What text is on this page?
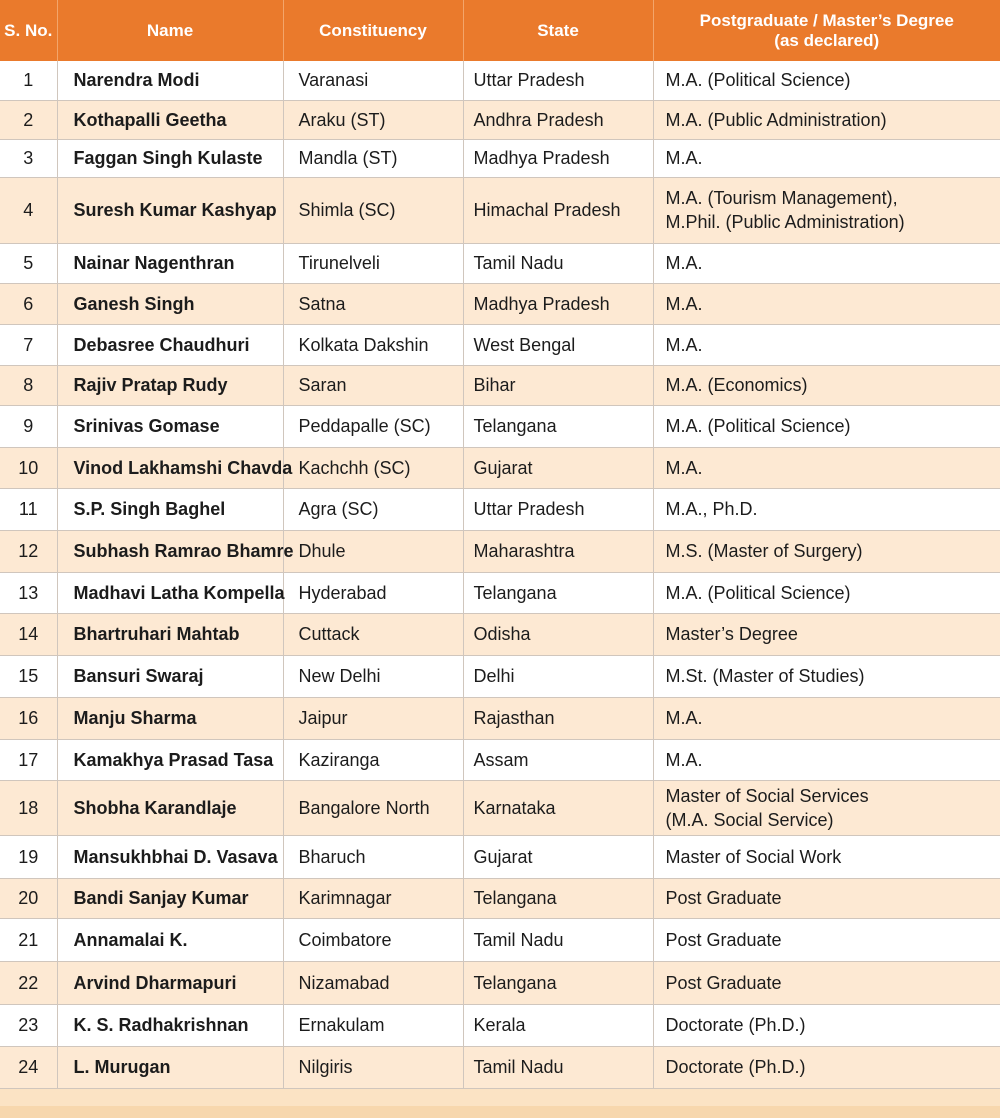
S. No.	Name	Constituency	State	Postgraduate / Master’s Degree
(as declared)

1	Narendra Modi	Varanasi	Uttar Pradesh	M.A. (Political Science)
2	Kothapalli Geetha	Araku (ST)	Andhra Pradesh	M.A. (Public Administration)
3	Faggan Singh Kulaste	Mandla (ST)	Madhya Pradesh	M.A.
4	Suresh Kumar Kashyap	Shimla (SC)	Himachal Pradesh	M.A. (Tourism Management),
M.Phil. (Public Administration)
5	Nainar Nagenthran	Tirunelveli	Tamil Nadu	M.A.
6	Ganesh Singh	Satna	Madhya Pradesh	M.A.
7	Debasree Chaudhuri	Kolkata Dakshin	West Bengal	M.A.
8	Rajiv Pratap Rudy	Saran	Bihar	M.A. (Economics)
9	Srinivas Gomase	Peddapalle (SC)	Telangana	M.A. (Political Science)
10	Vinod Lakhamshi Chavda	Kachchh (SC)	Gujarat	M.A.
11	S.P. Singh Baghel	Agra (SC)	Uttar Pradesh	M.A., Ph.D.
12	Subhash Ramrao Bhamre	Dhule	Maharashtra	M.S. (Master of Surgery)
13	Madhavi Latha Kompella	Hyderabad	Telangana	M.A. (Political Science)
14	Bhartruhari Mahtab	Cuttack	Odisha	Master’s Degree
15	Bansuri Swaraj	New Delhi	Delhi	M.St. (Master of Studies)
16	Manju Sharma	Jaipur	Rajasthan	M.A.
17	Kamakhya Prasad Tasa	Kaziranga	Assam	M.A.
18	Shobha Karandlaje	Bangalore North	Karnataka	Master of Social Services
(M.A. Social Service)
19	Mansukhbhai D. Vasava	Bharuch	Gujarat	Master of Social Work
20	Bandi Sanjay Kumar	Karimnagar	Telangana	Post Graduate
21	Annamalai K.	Coimbatore	Tamil Nadu	Post Graduate
22	Arvind Dharmapuri	Nizamabad	Telangana	Post Graduate
23	K. S. Radhakrishnan	Ernakulam	Kerala	Doctorate (Ph.D.)
24	L. Murugan	Nilgiris	Tamil Nadu	Doctorate (Ph.D.)
